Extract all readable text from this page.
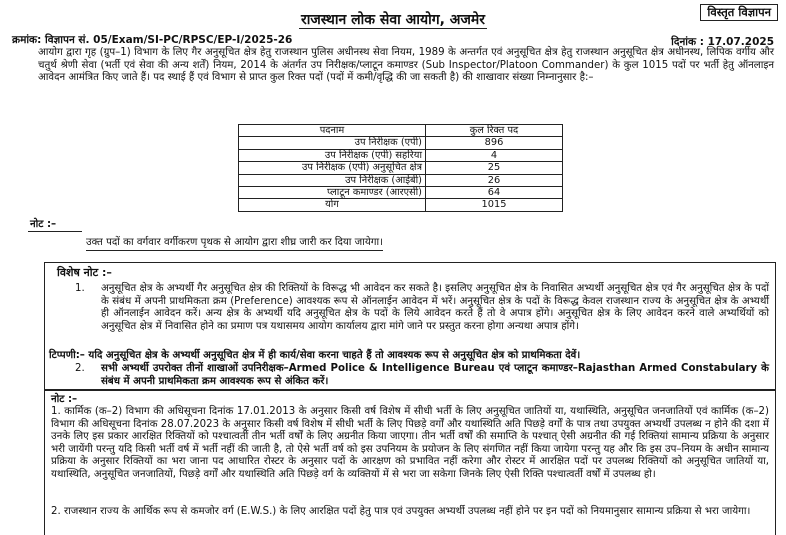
विस्तृत विज्ञापन
राजस्थान लोक सेवा आयोग, अजमेर
क्रमांक: विज्ञापन सं. 05/Exam/SI-PC/RPSC/EP-I/2025-26	दिनांक : 17.07.2025
आयोग द्वारा गृह (ग्रुप–1) विभाग के लिए गैर अनुसूचित क्षेत्र हेतु राजस्थान पुलिस अधीनस्थ सेवा नियम, 1989 के अन्तर्गत एवं अनुसूचित क्षेत्र हेतु राजस्थान अनुसूचित क्षेत्र अधीनस्थ, लिपिक वर्गीय और चतुर्थ श्रेणी सेवा (भर्ती एवं सेवा की अन्य शर्तें) नियम, 2014 के अंतर्गत उप निरीक्षक/प्लाटून कमाण्डर (Sub Inspector/Platoon Commander) के कुल 1015 पदों पर भर्ती हेतु ऑनलाइन आवेदन आमंत्रित किए जाते हैं। पद स्थाई हैं एवं विभाग से प्राप्त कुल रिक्त पदों (पदों में कमी/वृद्धि की जा सकती है) की शाखावार संख्या निम्नानुसार है:–
पदनाम	कुल रिक्त पद
उप निरीक्षक (एपी)	896
उप निरीक्षक (एपी) सहरिया	4
उप निरीक्षक (एपी) अनुसूचित क्षेत्र	25
उप निरीक्षक (आईबी)	26
प्लाटून कमाण्डर (आरएसी)	64
योग	1015
नोट :–
उक्त पदों का वर्गवार वर्गीकरण पृथक से आयोग द्वारा शीघ्र जारी कर दिया जायेगा।
विशेष नोट :–
1. अनुसूचित क्षेत्र के अभ्यर्थी गैर अनुसूचित क्षेत्र की रिक्तियों के विरूद्ध भी आवेदन कर सकते है। इसलिए अनुसूचित क्षेत्र के निवासित अभ्यर्थी अनुसूचित क्षेत्र एवं गैर अनुसूचित क्षेत्र के पदों के संबंध में अपनी प्राथमिकता क्रम (Preference) आवश्यक रूप से ऑनलाईन आवेदन में भरें। अनुसूचित क्षेत्र के पदों के विरूद्ध केवल राजस्थान राज्य के अनुसूचित क्षेत्र के अभ्यर्थी ही ऑनलाईन आवेदन करें। अन्य क्षेत्र के अभ्यर्थी यदि अनुसूचित क्षेत्र के पदों के लिये आवेदन करते हैं तो वे अपात्र होंगे। अनुसूचित क्षेत्र के लिए आवेदन करने वाले अभ्यर्थियों को अनुसूचित क्षेत्र में निवासित होने का प्रमाण पत्र यथासमय आयोग कार्यालय द्वारा मांगे जाने पर प्रस्तुत करना होगा अन्यथा अपात्र होंगे।

टिप्पणी:– यदि अनुसूचित क्षेत्र के अभ्यर्थी अनुसूचित क्षेत्र में ही कार्य/सेवा करना चाहते हैं तो आवश्यक रूप से अनुसूचित क्षेत्र को प्राथमिकता देवें।

2. सभी अभ्यर्थी उपरोक्त तीनों शाखाओं उपनिरीक्षक–Armed Police & Intelligence Bureau एवं प्लाटून कमाण्डर–Rajasthan Armed Constabulary के संबंध में अपनी प्राथमिकता क्रम आवश्यक रूप से अंकित करें।

नोट :–

1. कार्मिक (क–2) विभाग की अधिसूचना दिनांक 17.01.2013 के अनुसार किसी वर्ष विशेष में सीधी भर्ती के लिए अनुसूचित जातियों या, यथास्थिति, अनुसूचित जनजातियों एवं कार्मिक (क–2) विभाग की अधिसूचना दिनांक 28.07.2023 के अनुसार किसी वर्ष विशेष में सीधी भर्ती के लिए पिछड़े वर्गों और यथास्थिति अति पिछड़े वर्गों के पात्र तथा उपयुक्त अभ्यर्थी उपलब्ध न होने की दशा में उनके लिए इस प्रकार आरक्षित रिक्तियों को पश्चात्वर्ती तीन भर्ती वर्षों के लिए अग्रनीत किया जाएगा। तीन भर्ती वर्षों की समाप्ति के पश्चात् ऐसी अग्रनीत की गई रिक्तियां सामान्य प्रक्रिया के अनुसार भरी जायेंगी परन्तु यदि किसी भर्ती वर्ष में भर्ती नहीं की जाती है, तो ऐसे भर्ती वर्ष को इस उपनियम के प्रयोजन के लिए संगणित नहीं किया जायेगा परन्तु यह और कि इस उप–नियम के अधीन सामान्य प्रक्रिया के अनुसार रिक्तियों का भरा जाना पद आधारित रोस्टर के अनुसार पदों के आरक्षण को प्रभावित नहीं करेगा और रोस्टर में आरक्षित पदों पर उपलब्ध रिक्तियों को अनुसूचित जातियों या, यथास्थिति, अनुसूचित जनजातियों, पिछड़े वर्गों और यथास्थिति अति पिछड़े वर्ग के व्यक्तियों में से भरा जा सकेगा जिनके लिए ऐसी रिक्ति पश्चात्वर्ती वर्षों में उपलब्ध हो।

2. राजस्थान राज्य के आर्थिक रूप से कमजोर वर्ग (E.W.S.) के लिए आरक्षित पदों हेतु पात्र एवं उपयुक्त अभ्यर्थी उपलब्ध नहीं होने पर इन पदों को नियमानुसार सामान्य प्रक्रिया से भरा जायेगा।
